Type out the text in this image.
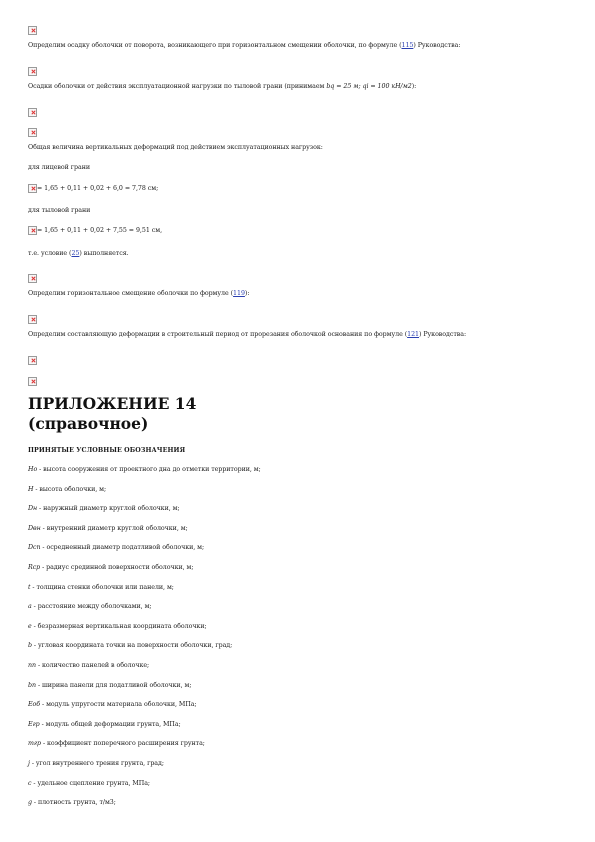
Определим осадку оболочки от поворота, возникающего при горизонтальном смещении оболочки, по формуле (115) Руководства:
Осадки оболочки от действия эксплуатационной нагрузки по тыловой грани (принимаем bq = 25 м; qi = 100 кН/м2):
Общая величина вертикальных деформаций под действием эксплуатационных нагрузок:
для лицевой грани
= 1,65 + 0,11 + 0,02 + 6,0 = 7,78 см;
для тыловой грани
= 1,65 + 0,11 + 0,02 + 7,55 = 9,51 см,
т.е. условие (25) выполняется.
Определим горизонтальное смещение оболочки по формуле (119):
Определим составляющую деформации в строительный период от прорезания оболочкой основания по формуле (121) Руководства:
ПРИЛОЖЕНИЕ 14
(справочное)
ПРИНЯТЫЕ УСЛОВНЫЕ ОБОЗНАЧЕНИЯ
Но - высота сооружения от проектного дна до отметки территории, м;
Н - высота оболочки, м;
Dн - наружный диаметр круглой оболочки, м;
Dвн - внутренний диаметр круглой оболочки, м;
Dсп - осредненный диаметр податливой оболочки, м;
Rср - радиус срединной поверхности оболочки, м;
t - толщина стенки оболочки или панели, м;
a - расстояние между оболочками, м;
e - безразмерная вертикальная координата оболочки;
b - угловая координата точки на поверхности оболочки, град;
nп - количество панелей в оболочке;
bп - ширина панели для податливой оболочки, м;
Еоб - модуль упругости материала оболочки, МПа;
Егр - модуль общей деформации грунта, МПа;
mгр - коэффициент поперечного расширения грунта;
j - угол внутреннего трения грунта, град;
c - удельное сцепление грунта, МПа;
g - плотность грунта, т/м3;
